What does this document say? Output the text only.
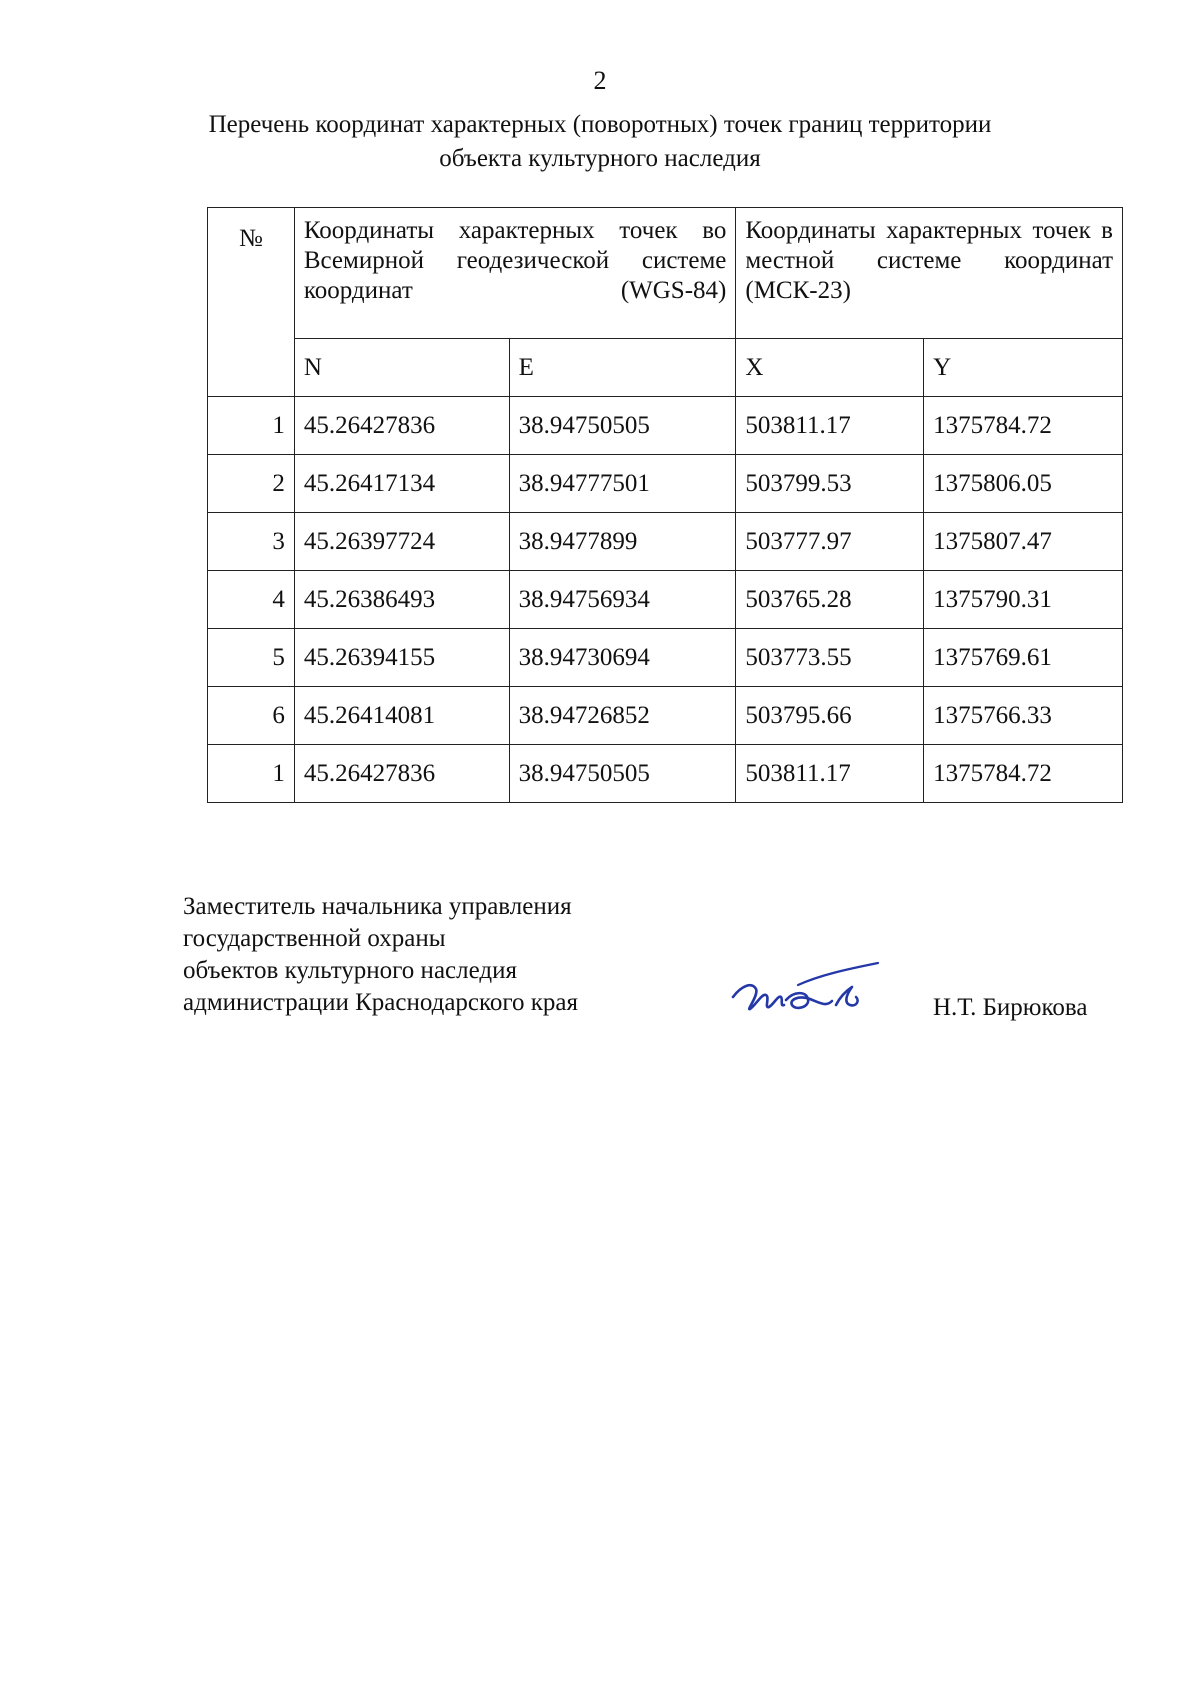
2
Перечень координат характерных (поворотных) точек границ территории
объекта культурного наследия
№	Координаты характерных точек во Всемирной геодезической системе координат (WGS-84)		Координаты характерных точек в местной системе координат (МСК-23)	
	N	E	X	Y
1	45.26427836	38.94750505	503811.17	1375784.72
2	45.26417134	38.94777501	503799.53	1375806.05
3	45.26397724	38.9477899	503777.97	1375807.47
4	45.26386493	38.94756934	503765.28	1375790.31
5	45.26394155	38.94730694	503773.55	1375769.61
6	45.26414081	38.94726852	503795.66	1375766.33
1	45.26427836	38.94750505	503811.17	1375784.72
Заместитель начальника управления
государственной охраны
объектов культурного наследия
администрации Краснодарского края	Н.Т. Бирюкова
